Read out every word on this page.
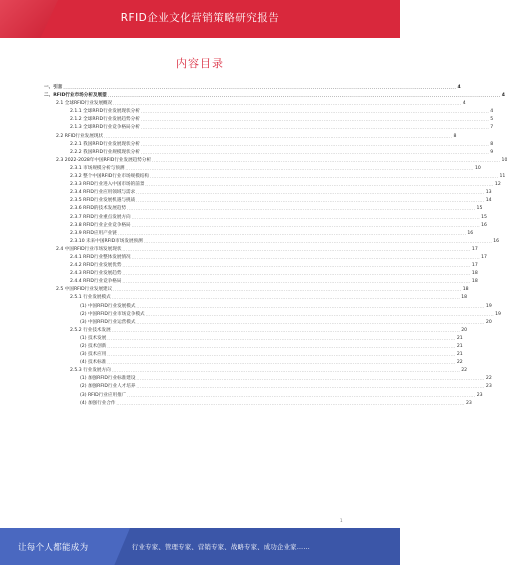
RFID企业文化营销策略研究报告
内容目录
一、引言 ........................................................................................................................................................................................................ 4
二、RFID行业市场分析及展望 ........................................................................................................................................................................................................ 4
2.1 全球RFID行业发展概况 ........................................................................................................................................................................................................ 4
2.1.1 全球RFID行业发展现状分析 ........................................................................................................................................................................................................ 4
2.1.2 全球RFID行业发展趋势分析 ........................................................................................................................................................................................................ 5
2.1.3 全球RFID行业竞争格局分析 ........................................................................................................................................................................................................ 7
2.2 RFID行业发展现状 ........................................................................................................................................................................................................ 8
2.2.1 我国RFID行业发展现状分析 ........................................................................................................................................................................................................ 8
2.2.2 我国RFID行业规模现状分析 ........................................................................................................................................................................................................ 9
2.3 2022-2028年中国RFID行业发展趋势分析 ........................................................................................................................................................................................................ 10
2.3.1 市场规模分析与预测 ........................................................................................................................................................................................................ 10
2.3.2 整个中国RFID行业市场规模结构 ........................................................................................................................................................................................................ 11
2.3.3 RFID行业进入中国市场的前景 ........................................................................................................................................................................................................ 12
2.3.4 RFID行业应用领域与需求 ........................................................................................................................................................................................................ 13
2.3.5 RFID行业发展机遇与挑战 ........................................................................................................................................................................................................ 14
2.3.6 RFID的技术发展趋势 ........................................................................................................................................................................................................ 15
2.3.7 RFID行业重点发展方向 ........................................................................................................................................................................................................ 15
2.3.8 RFID行业企业竞争格局 ........................................................................................................................................................................................................ 16
2.3.9 RFID应用产业链 ........................................................................................................................................................................................................ 16
2.3.10 未来中国RFID市场发展预测 ........................................................................................................................................................................................................ 16
2.4 中国RFID行业市场发展现状 ........................................................................................................................................................................................................ 17
2.4.1 RFID行业整体发展情况 ........................................................................................................................................................................................................ 17
2.4.2 RFID行业发展优势 ........................................................................................................................................................................................................ 17
2.4.3 RFID行业发展趋势 ........................................................................................................................................................................................................ 18
2.4.4 RFID行业竞争格局 ........................................................................................................................................................................................................ 18
2.5 中国RFID行业发展建议 ........................................................................................................................................................................................................ 18
2.5.1 行业发展模式 ........................................................................................................................................................................................................ 18
(1) 中国RFID行业发展模式 ........................................................................................................................................................................................................ 19
(2) 中国RFID行业市场竞争模式 ........................................................................................................................................................................................................ 19
(3) 中国RFID行业运营模式 ........................................................................................................................................................................................................ 20
2.5.2 行业技术发展 ........................................................................................................................................................................................................ 20
(1) 技术发展 ........................................................................................................................................................................................................ 21
(2) 技术创新 ........................................................................................................................................................................................................ 21
(3) 技术应用 ........................................................................................................................................................................................................ 21
(4) 技术标准 ........................................................................................................................................................................................................ 22
2.5.3 行业发展方向 ........................................................................................................................................................................................................ 22
(1) 加强RFID行业标准建设 ........................................................................................................................................................................................................ 22
(2) 加强RFID行业人才培养 ........................................................................................................................................................................................................ 23
(3) RFID行业应用推广 ........................................................................................................................................................................................................ 23
(4) 加强行业合作 ........................................................................................................................................................................................................ 23
1
让每个人都能成为	行业专家、管理专家、营销专家、战略专家、成功企业家……
